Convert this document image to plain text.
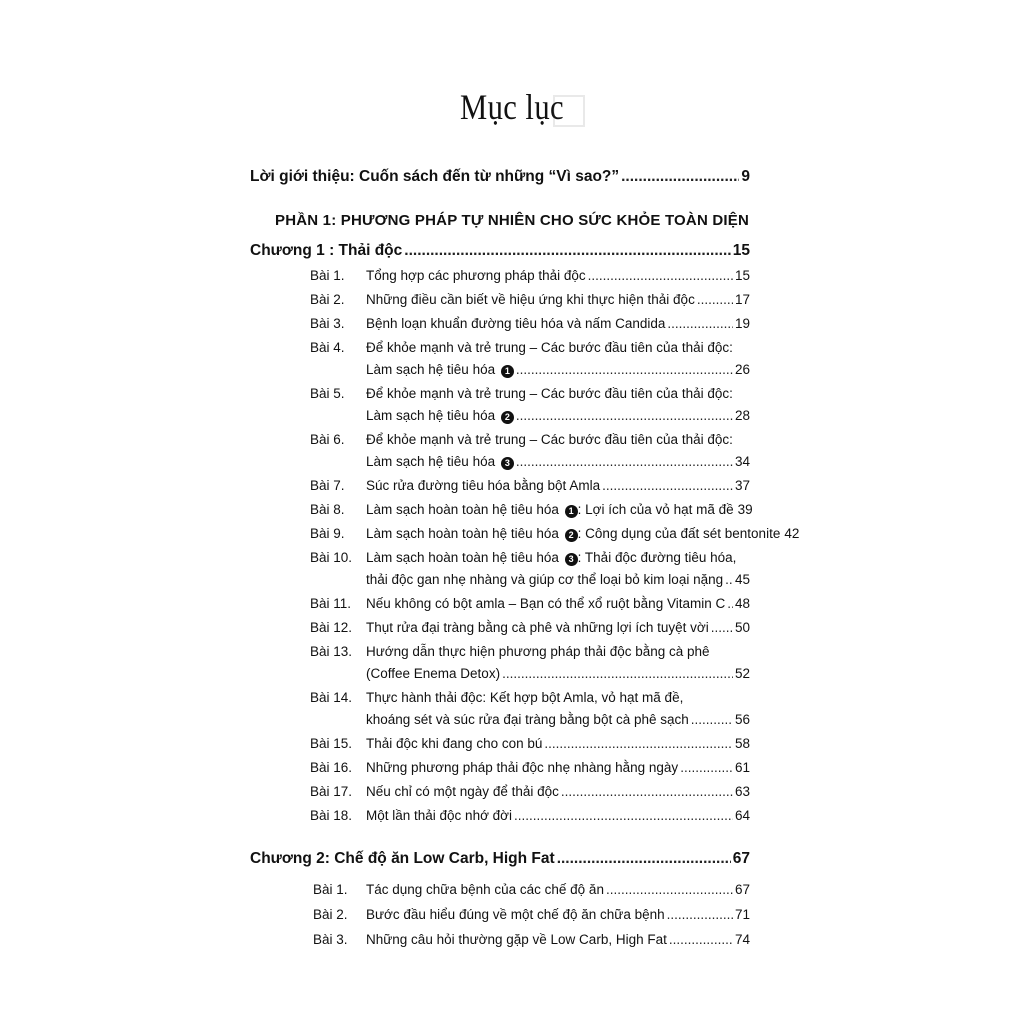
Mục lục
Lời giới thiệu: Cuốn sách đến từ những “Vì sao?” .....	9
PHẦN 1: PHƯƠNG PHÁP TỰ NHIÊN CHO SỨC KHỎE TOÀN DIỆN
Chương 1 : Thải độc .....	15
Bài 1. Tổng hợp các phương pháp thải độc .....	15
Bài 2. Những điều cần biết về hiệu ứng khi thực hiện thải độc .....	17
Bài 3. Bệnh loạn khuẩn đường tiêu hóa và nấm Candida .....	19
Bài 4. Để khỏe mạnh và trẻ trung – Các bước đầu tiên của thải độc:
Làm sạch hệ tiêu hóa 1 .....	26
Bài 5. Để khỏe mạnh và trẻ trung – Các bước đầu tiên của thải độc:
Làm sạch hệ tiêu hóa 2 .....	28
Bài 6. Để khỏe mạnh và trẻ trung – Các bước đầu tiên của thải độc:
Làm sạch hệ tiêu hóa 3 .....	34
Bài 7. Súc rửa đường tiêu hóa bằng bột Amla .....	37
Bài 8. Làm sạch hoàn toàn hệ tiêu hóa 1 : Lợi ích của vỏ hạt mã đề 39
Bài 9. Làm sạch hoàn toàn hệ tiêu hóa 2 : Công dụng của đất sét bentonite 42
Bài 10. Làm sạch hoàn toàn hệ tiêu hóa 3 : Thải độc đường tiêu hóa,
thải độc gan nhẹ nhàng và giúp cơ thể loại bỏ kim loại nặng ..... 45
Bài 11. Nếu không có bột amla – Bạn có thể xổ ruột bằng Vitamin C ..... 48
Bài 12. Thụt rửa đại tràng bằng cà phê và những lợi ích tuyệt vời ..... 50
Bài 13. Hướng dẫn thực hiện phương pháp thải độc bằng cà phê
(Coffee Enema Detox) .....	52
Bài 14. Thực hành thải độc: Kết hợp bột Amla, vỏ hạt mã đề,
khoáng sét và súc rửa đại tràng bằng bột cà phê sạch .....	56
Bài 15. Thải độc khi đang cho con bú .....	58
Bài 16. Những phương pháp thải độc nhẹ nhàng hằng ngày .....	61
Bài 17. Nếu chỉ có một ngày để thải độc .....	63
Bài 18. Một lần thải độc nhớ đời .....	64
Chương 2: Chế độ ăn Low Carb, High Fat .....	67
Bài 1. Tác dụng chữa bệnh của các chế độ ăn .....	67
Bài 2. Bước đầu hiểu đúng về một chế độ ăn chữa bệnh .....	71
Bài 3. Những câu hỏi thường gặp về Low Carb, High Fat .....	74
